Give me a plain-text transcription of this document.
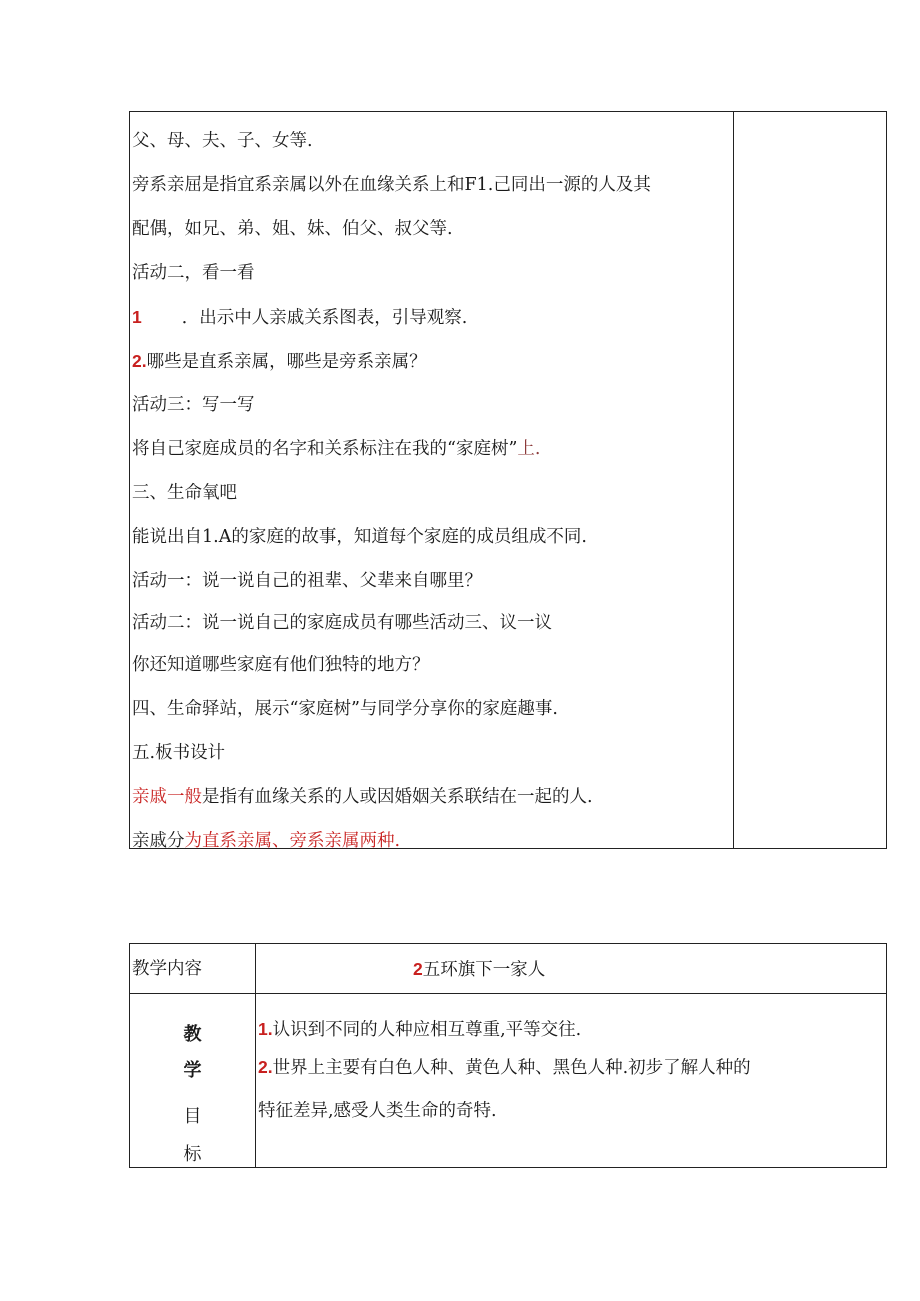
父、母、夫、子、女等.
旁系亲屈是指宜系亲属以外在血缘关系上和F1.己同出一源的人及其
配偶，如兄、弟、姐、妹、伯父、叔父等.
活动二，看一看
1 ．出示中人亲戚关系图表，引导观察.
2.哪些是直系亲属，哪些是旁系亲属？
活动三：写一写
将自己家庭成员的名字和关系标注在我的“家庭树”上.
三、生命氧吧
能说出自1.A的家庭的故事，知道每个家庭的成员组成不同.
活动一：说一说自己的祖辈、父辈来自哪里？
活动二：说一说自己的家庭成员有哪些活动三、议一议
你还知道哪些家庭有他们独特的地方？
四、生命驿站，展示“家庭树”与同学分享你的家庭趣事.
五.板书设计
亲戚一般是指有血缘关系的人或因婚姻关系联结在一起的人.
亲戚分为直系亲属、旁系亲属两种.
教学内容	2五环旗下一家人
教
学
目
标
1.认识到不同的人种应相互尊重,平等交往.
2.世界上主要有白色人种、黄色人种、黑色人种.初步了解人种的
特征差异,感受人类生命的奇特.
